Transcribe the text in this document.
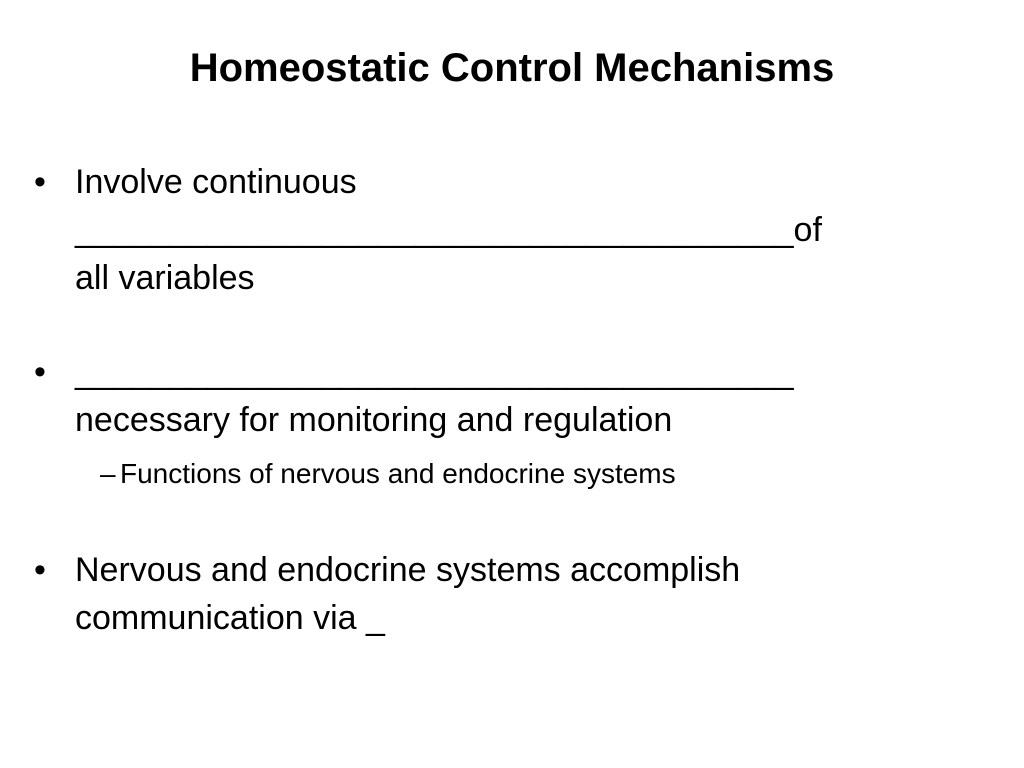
Homeostatic Control Mechanisms
• Involve continuous
______________________________________of
all variables
• ______________________________________
necessary for monitoring and regulation
– Functions of nervous and endocrine systems
• Nervous and endocrine systems accomplish
communication via _
